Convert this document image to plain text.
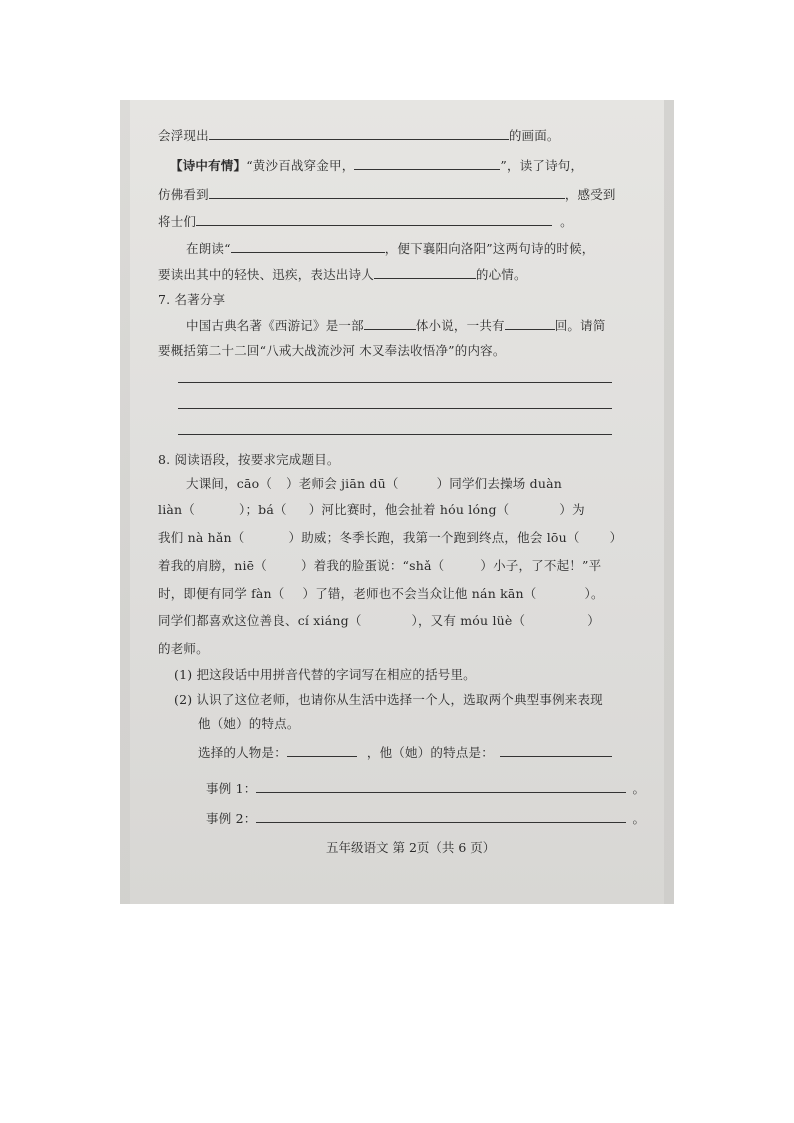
会浮现出	的画面。
【诗中有情】“黄沙百战穿金甲，	”，读了诗句，
仿佛看到	，感受到
将士们	。
在朗读“	，便下襄阳向洛阳”这两句诗的时候，
要读出其中的轻快、迅疾，表达出诗人	的心情。
7. 名著分享
中国古典名著《西游记》是一部	体小说，一共有	回。请简
要概括第二十二回“八戒大战流沙河 木叉奉法收悟净”的内容。
8. 阅读语段，按要求完成题目。
大课间，cāo（ ）老师会 jiān dū（	）同学们去操场 duàn
liàn（	）；bá（ ）河比赛时，他会扯着 hóu lóng（	）为
我们 nà hǎn（	）助威；冬季长跑，我第一个跑到终点，他会 lōu（ ）
着我的肩膀，niē（	）着我的脸蛋说：“shǎ（	）小子，了不起！”平
时，即便有同学 fàn（ ）了错，老师也不会当众让他 nán kān（	）。
同学们都喜欢这位善良、cí xiáng（	），又有 móu lüè（	）
的老师。
(1) 把这段话中用拼音代替的字词写在相应的括号里。
(2) 认识了这位老师，也请你从生活中选择一个人，选取两个典型事例来表现
他（她）的特点。
选择的人物是：	，他（她）的特点是：
事例 1：	。
事例 2：	。
五年级语文 第 2页（共 6 页）
